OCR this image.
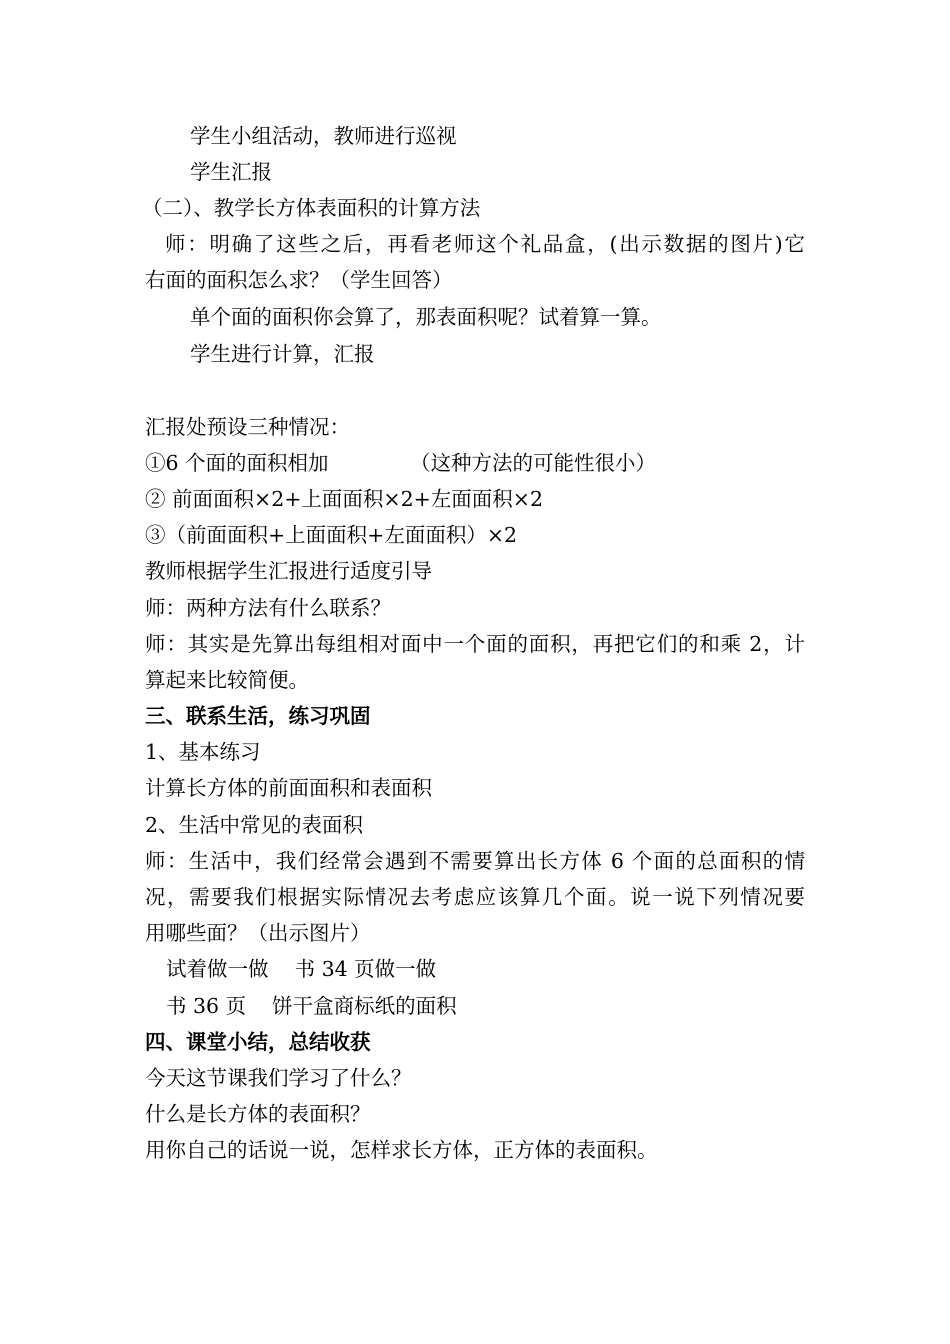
学生小组活动，教师进行巡视
学生汇报
（二）、教学长方体表面积的计算方法
师：明确了这些之后，再看老师这个礼品盒，(出示数据的图片)它
右面的面积怎么求？（学生回答）
单个面的面积你会算了，那表面积呢？试着算一算。
学生进行计算，汇报
汇报处预设三种情况：
①6 个面的面积相加	（这种方法的可能性很小）
② 前面面积×2+上面面积×2+左面面积×2
③（前面面积+上面面积+左面面积）×2
教师根据学生汇报进行适度引导
师：两种方法有什么联系？
师：其实是先算出每组相对面中一个面的面积，再把它们的和乘 2，计
算起来比较简便。
三、联系生活，练习巩固
1、基本练习
计算长方体的前面面积和表面积
2、生活中常见的表面积
师：生活中，我们经常会遇到不需要算出长方体 6 个面的总面积的情
况，需要我们根据实际情况去考虑应该算几个面。说一说下列情况要
用哪些面？（出示图片）
试着做一做    书 34 页做一做
书 36 页    饼干盒商标纸的面积
四、课堂小结，总结收获
今天这节课我们学习了什么？
什么是长方体的表面积？
用你自己的话说一说，怎样求长方体，正方体的表面积。
